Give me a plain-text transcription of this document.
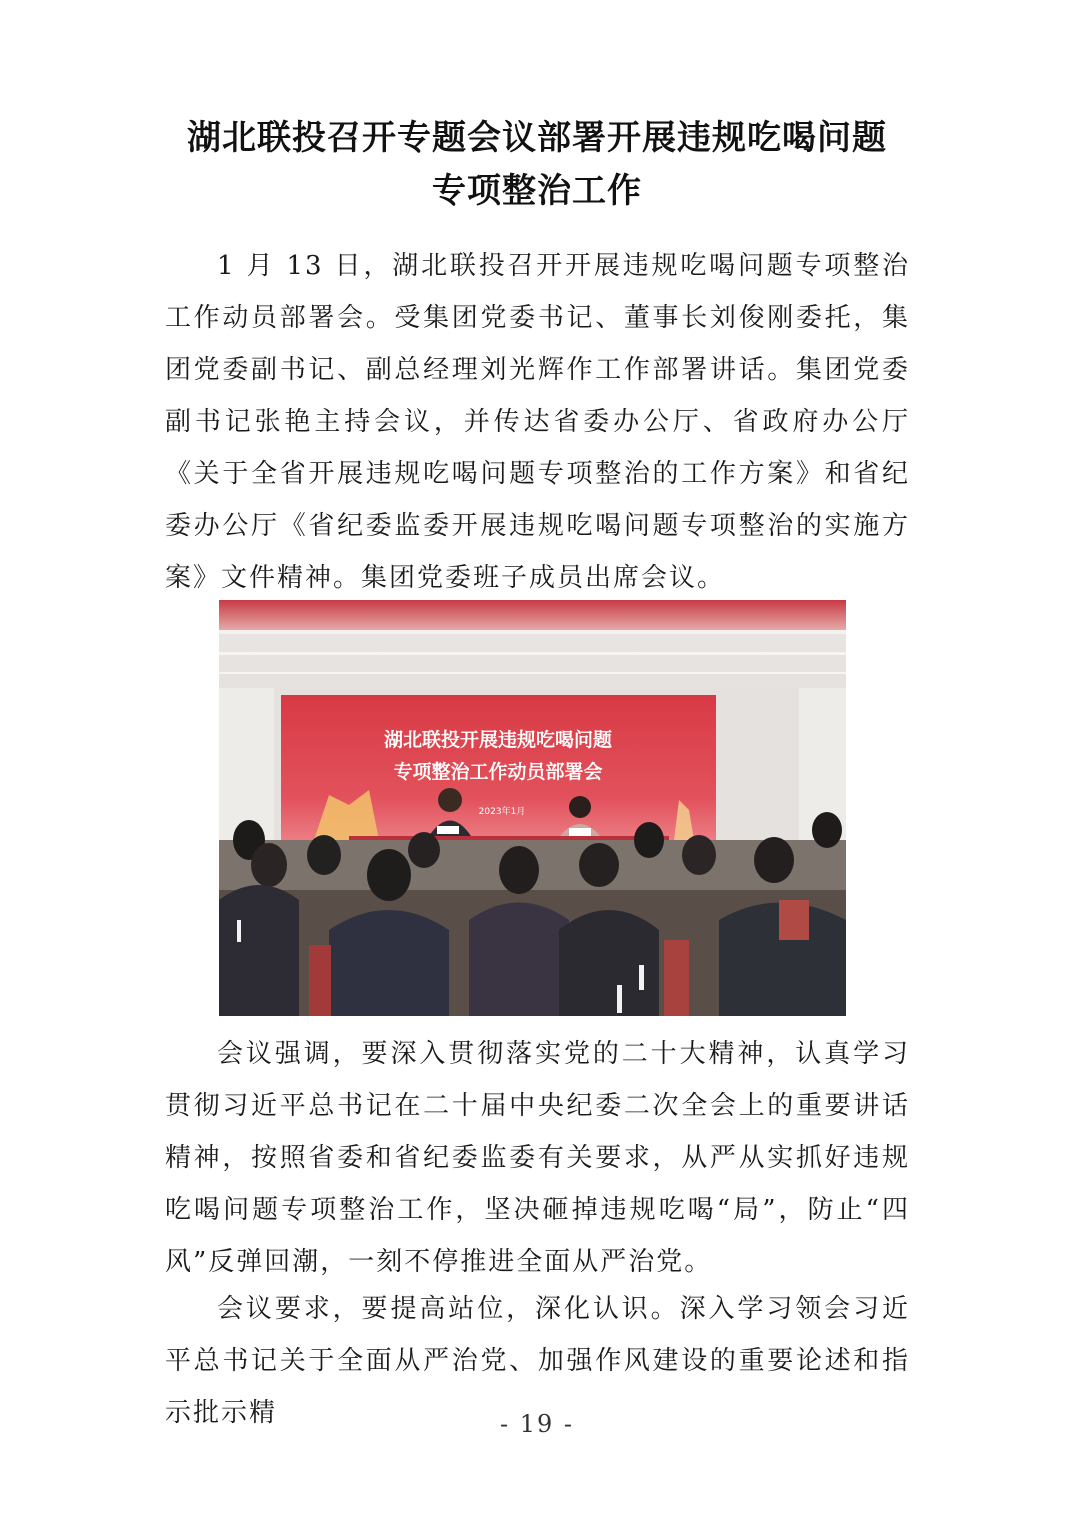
湖北联投召开专题会议部署开展违规吃喝问题
专项整治工作

1 月 13 日，湖北联投召开开展违规吃喝问题专项整治工作动员部署会。受集团党委书记、董事长刘俊刚委托，集团党委副书记、副总经理刘光辉作工作部署讲话。集团党委副书记张艳主持会议，并传达省委办公厅、省政府办公厅《关于全省开展违规吃喝问题专项整治的工作方案》和省纪委办公厅《省纪委监委开展违规吃喝问题专项整治的实施方案》文件精神。集团党委班子成员出席会议。

湖北联投开展违规吃喝问题
专项整治工作动员部署会
2023年1月

会议强调，要深入贯彻落实党的二十大精神，认真学习贯彻习近平总书记在二十届中央纪委二次全会上的重要讲话精神，按照省委和省纪委监委有关要求，从严从实抓好违规吃喝问题专项整治工作，坚决砸掉违规吃喝“局”，防止“四风”反弹回潮，一刻不停推进全面从严治党。

会议要求，要提高站位，深化认识。深入学习领会习近平总书记关于全面从严治党、加强作风建设的重要论述和指示批示精	- 19 -
